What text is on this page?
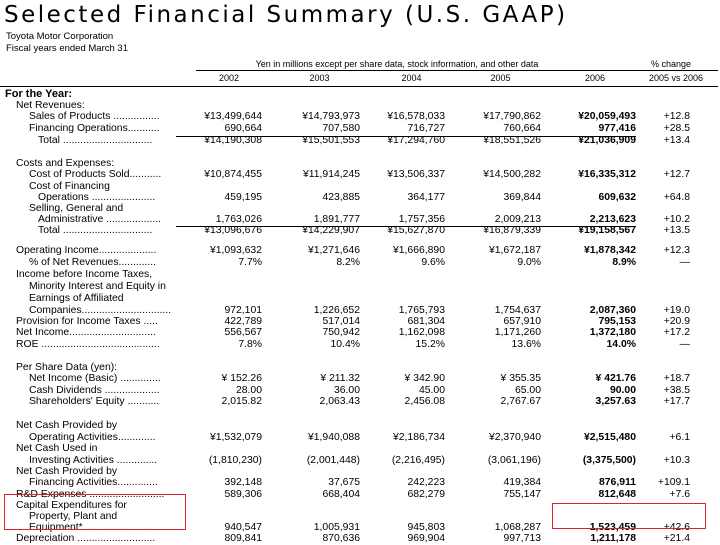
Selected Financial Summary (U.S. GAAP)
Toyota Motor Corporation
Fiscal years ended March 31
Yen in millions except per share data, stock information, and other data	% change
2002	2003	2004	2005	2006	2005 vs 2006
For the Year:
Net Revenues:
Sales of Products ................	¥13,499,644	¥14,793,973	¥16,578,033	¥17,790,862	¥20,059,493	+12.8
Financing Operations...........	690,664	707,580	716,727	760,664	977,416	+28.5
Total ...............................	¥14,190,308	¥15,501,553	¥17,294,760	¥18,551,526	¥21,036,909	+13.4
Costs and Expenses:
Cost of Products Sold...........	¥10,874,455	¥11,914,245	¥13,506,337	¥14,500,282	¥16,335,312	+12.7
Cost of Financing
Operations ......................	459,195	423,885	364,177	369,844	609,632	+64.8
Selling, General and
Administrative ...................	1,763,026	1,891,777	1,757,356	2,009,213	2,213,623	+10.2
Total ...............................	¥13,096,676	¥14,229,907	¥15,627,870	¥16,879,339	¥19,158,567	+13.5
Operating Income....................	¥1,093,632	¥1,271,646	¥1,666,890	¥1,672,187	¥1,878,342	+12.3
% of Net Revenues.............	7.7%	8.2%	9.6%	9.0%	8.9%	—
Income before Income Taxes,
Minority Interest and Equity in
Earnings of Affiliated
Companies...............................	972,101	1,226,652	1,765,793	1,754,637	2,087,360	+19.0
Provision for Income Taxes .....	422,789	517,014	681,304	657,910	795,153	+20.9
Net Income..............................	556,567	750,942	1,162,098	1,171,260	1,372,180	+17.2
ROE .........................................	7.8%	10.4%	15.2%	13.6%	14.0%	—
Per Share Data (yen):
Net Income (Basic) ..............	¥ 152.26	¥ 211.32	¥ 342.90	¥ 355.35	¥ 421.76	+18.7
Cash Dividends ...................	28.00	36.00	45.00	65.00	90.00	+38.5
Shareholders' Equity ...........	2,015.82	2,063.43	2,456.08	2,767.67	3,257.63	+17.7
Net Cash Provided by
Operating Activities.............	¥1,532,079	¥1,940,088	¥2,186,734	¥2,370,940	¥2,515,480	+6.1
Net Cash Used in
Investing Activities ..............	(1,810,230)	(2,001,448)	(2,216,495)	(3,061,196)	(3,375,500)	+10.3
Net Cash Provided by
Financing Activities..............	392,148	37,675	242,223	419,384	876,911	+109.1
R&D Expenses ..........................	589,306	668,404	682,279	755,147	812,648	+7.6
Capital Expenditures for
Property, Plant and
Equipment* .......................	940,547	1,005,931	945,803	1,068,287	1,523,459	+42.6
Depreciation ...........................	809,841	870,636	969,904	997,713	1,211,178	+21.4
